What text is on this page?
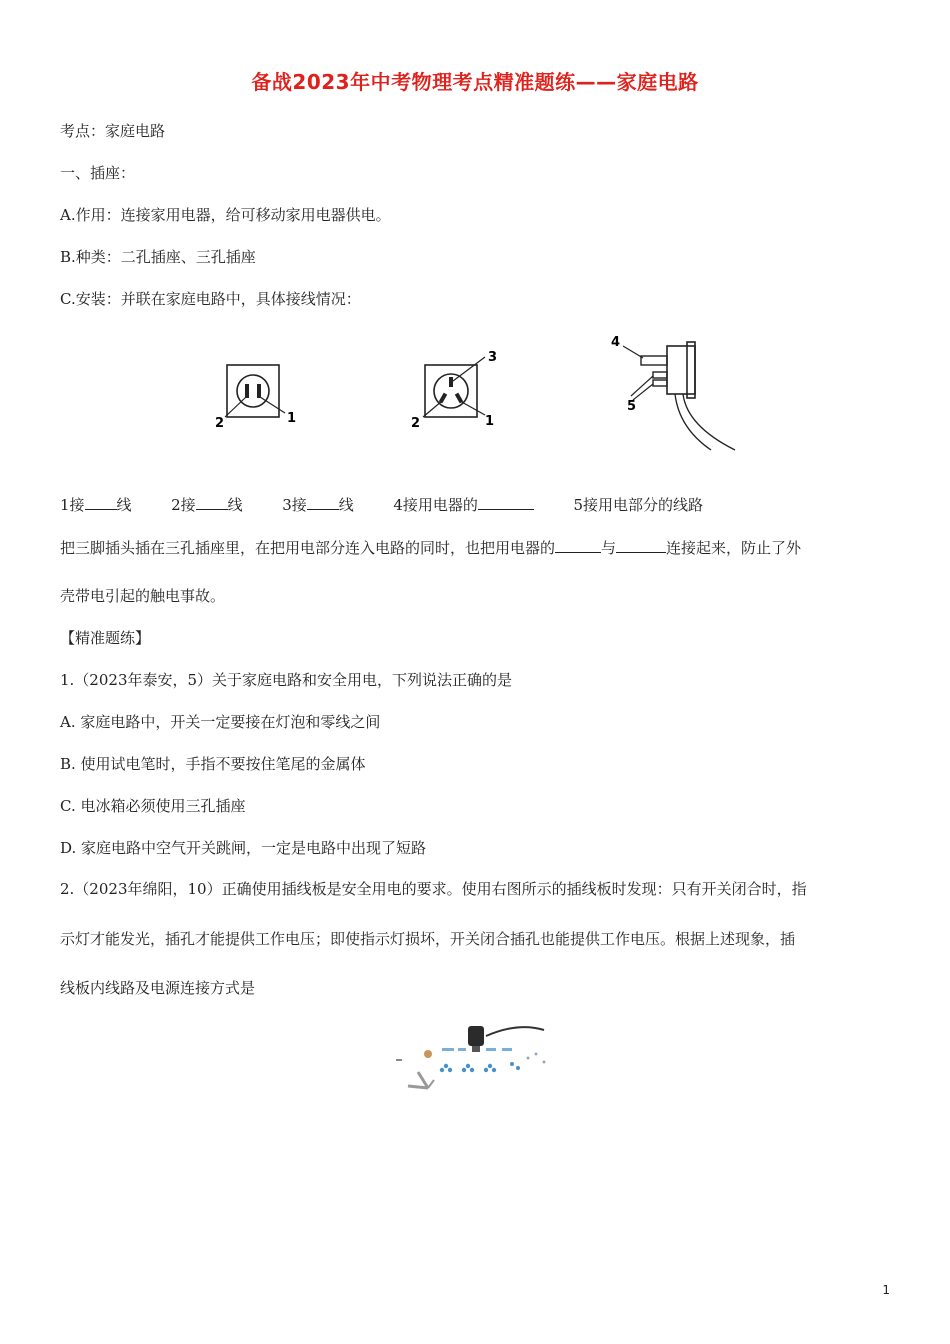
备战2023年中考物理考点精准题练——家庭电路
考点：家庭电路
一、插座：
A.作用：连接家用电器，给可移动家用电器供电。
B.种类：二孔插座、三孔插座
C.安装：并联在家庭电路中，具体接线情况：
2	1
3
2	1
4
5
1接 线	2接 线	3接 线	4接用电器的	5接用电部分的线路
把三脚插头插在三孔插座里，在把用电部分连入电路的同时，也把用电器的	与	连接起来，防止了外
壳带电引起的触电事故。
【精准题练】
1.（2023年泰安，5）关于家庭电路和安全用电，下列说法正确的是
A. 家庭电路中，开关一定要接在灯泡和零线之间
B. 使用试电笔时，手指不要按住笔尾的金属体
C. 电冰箱必须使用三孔插座
D. 家庭电路中空气开关跳闸，一定是电路中出现了短路
2.（2023年绵阳，10）正确使用插线板是安全用电的要求。使用右图所示的插线板时发现：只有开关闭合时，指
示灯才能发光，插孔才能提供工作电压；即使指示灯损坏，开关闭合插孔也能提供工作电压。根据上述现象，插
线板内线路及电源连接方式是
1
